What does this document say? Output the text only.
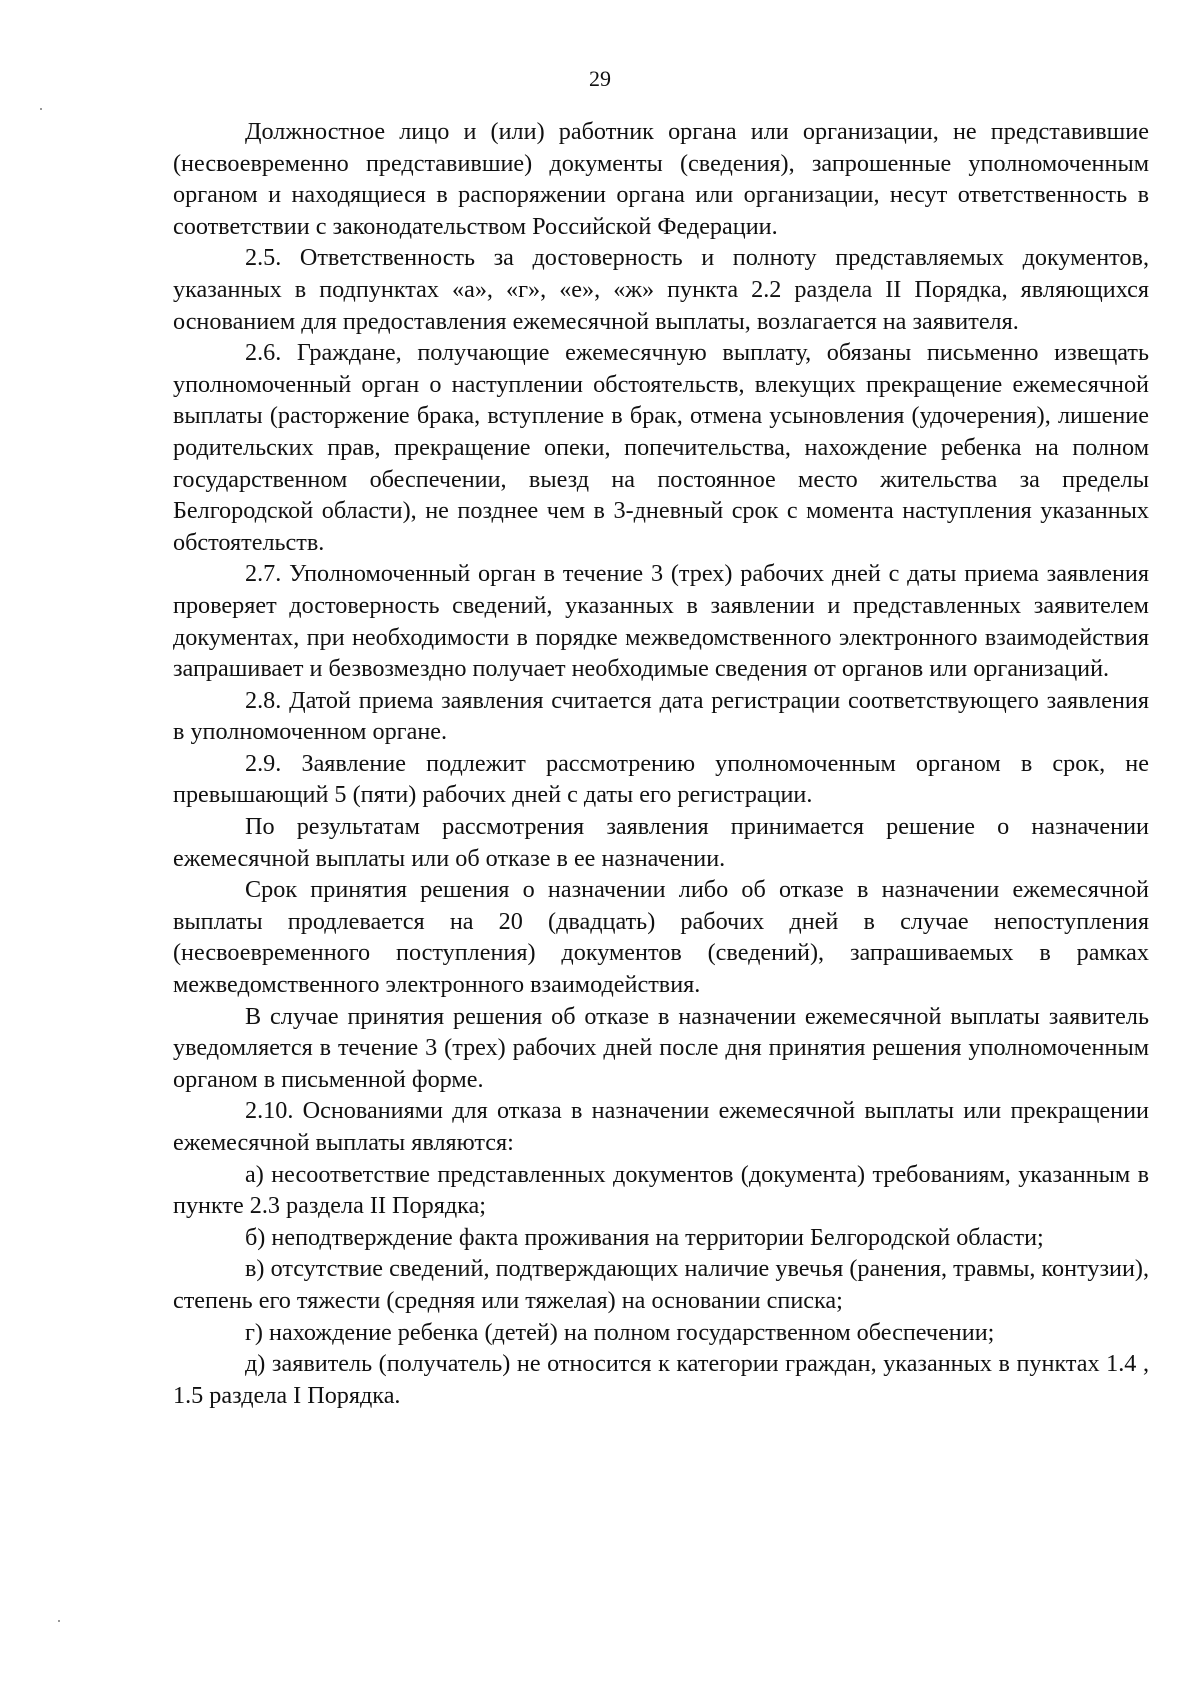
29

Должностное лицо и (или) работник органа или организации, не представившие (несвоевременно представившие) документы (сведения), запрошенные уполномоченным органом и находящиеся в распоряжении органа или организации, несут ответственность в соответствии с законодательством Российской Федерации.

2.5. Ответственность за достоверность и полноту представляемых документов, указанных в подпунктах «а», «г», «е», «ж» пункта 2.2 раздела II Порядка, являющихся основанием для предоставления ежемесячной выплаты, возлагается на заявителя.

2.6. Граждане, получающие ежемесячную выплату, обязаны письменно извещать уполномоченный орган о наступлении обстоятельств, влекущих прекращение ежемесячной выплаты (расторжение брака, вступление в брак, отмена усыновления (удочерения), лишение родительских прав, прекращение опеки, попечительства, нахождение ребенка на полном государственном обеспечении, выезд на постоянное место жительства за пределы Белгородской области), не позднее чем в 3-дневный срок с момента наступления указанных обстоятельств.

2.7. Уполномоченный орган в течение 3 (трех) рабочих дней с даты приема заявления проверяет достоверность сведений, указанных в заявлении и представленных заявителем документах, при необходимости в порядке межведомственного электронного взаимодействия запрашивает и безвозмездно получает необходимые сведения от органов или организаций.

2.8. Датой приема заявления считается дата регистрации соответствующего заявления в уполномоченном органе.

2.9. Заявление подлежит рассмотрению уполномоченным органом в срок, не превышающий 5 (пяти) рабочих дней с даты его регистрации.

По результатам рассмотрения заявления принимается решение о назначении ежемесячной выплаты или об отказе в ее назначении.

Срок принятия решения о назначении либо об отказе в назначении ежемесячной выплаты продлевается на 20 (двадцать) рабочих дней в случае непоступления (несвоевременного поступления) документов (сведений), запрашиваемых в рамках межведомственного электронного взаимодействия.

В случае принятия решения об отказе в назначении ежемесячной выплаты заявитель уведомляется в течение 3 (трех) рабочих дней после дня принятия решения уполномоченным органом в письменной форме.

2.10. Основаниями для отказа в назначении ежемесячной выплаты или прекращении ежемесячной выплаты являются:

а) несоответствие представленных документов (документа) требованиям, указанным в пункте 2.3 раздела II Порядка;

б) неподтверждение факта проживания на территории Белгородской области;

в) отсутствие сведений, подтверждающих наличие увечья (ранения, травмы, контузии), степень его тяжести (средняя или тяжелая) на основании списка;

г) нахождение ребенка (детей) на полном государственном обеспечении;

д) заявитель (получатель) не относится к категории граждан, указанных в пунктах 1.4 , 1.5 раздела I Порядка.
